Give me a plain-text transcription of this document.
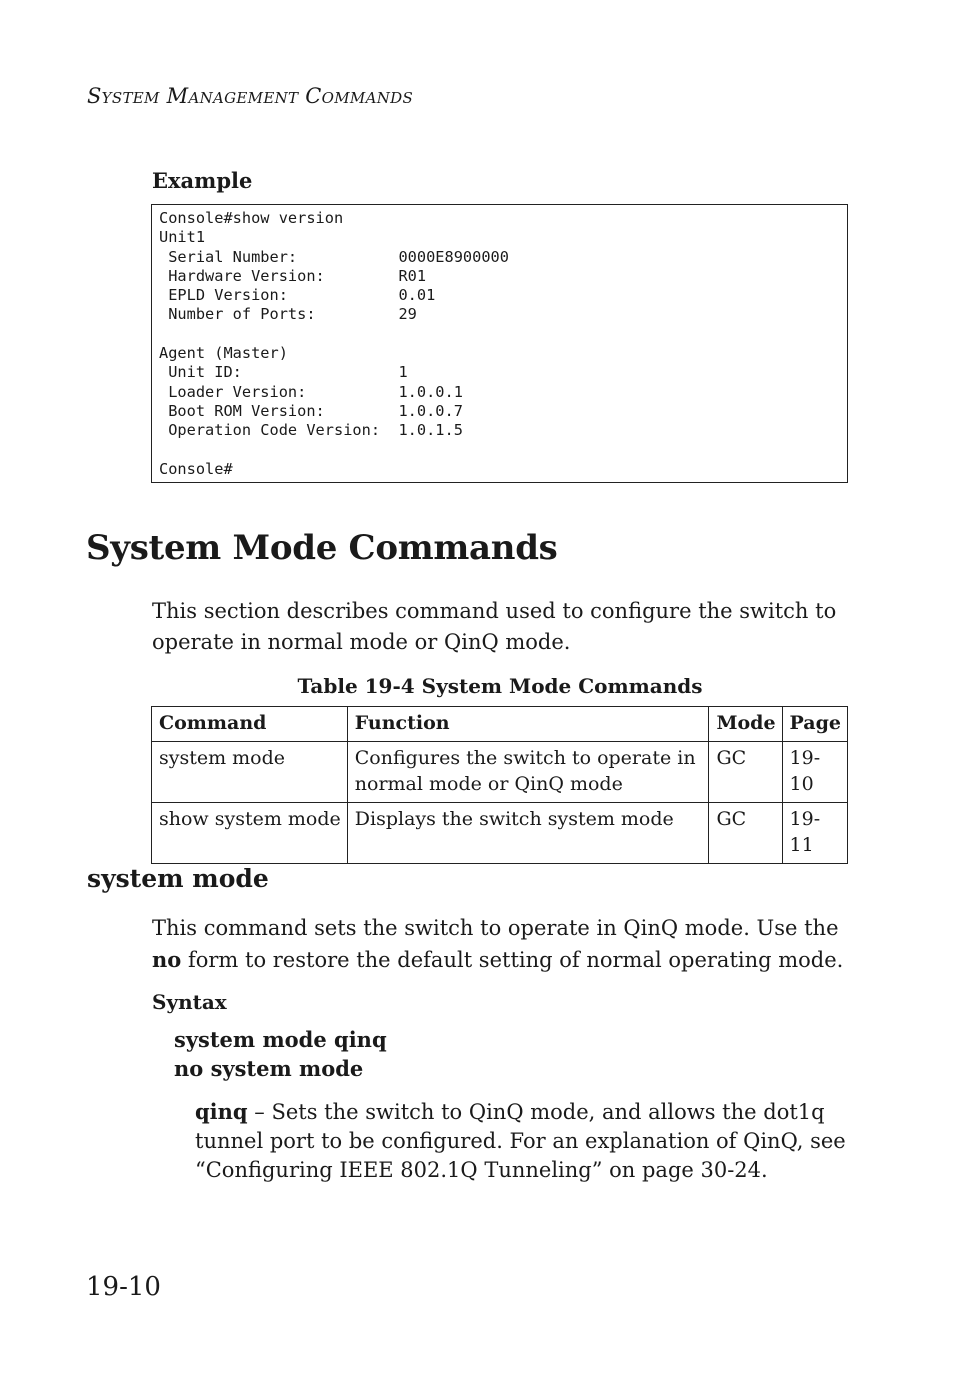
System Management Commands
Example
Console#show version
Unit1
Serial Number:           0000E8900000
Hardware Version:        R01
EPLD Version:            0.01
Number of Ports:         29

Agent (Master)
Unit ID:                 1
Loader Version:          1.0.0.1
Boot ROM Version:        1.0.0.7
Operation Code Version:  1.0.1.5

Console#
System Mode Commands
This section describes command used to configure the switch to operate in normal mode or QinQ mode.
Table 19-4 System Mode Commands
Command	Function	Mode	Page
system mode	Configures the switch to operate in normal mode or QinQ mode	GC	19-10
show system mode	Displays the switch system mode	GC	19-11
system mode
This command sets the switch to operate in QinQ mode. Use the no form to restore the default setting of normal operating mode.
Syntax
system mode qinq
no system mode
qinq – Sets the switch to QinQ mode, and allows the dot1q tunnel port to be configured. For an explanation of QinQ, see “Configuring IEEE 802.1Q Tunneling” on page 30-24.
19-10
